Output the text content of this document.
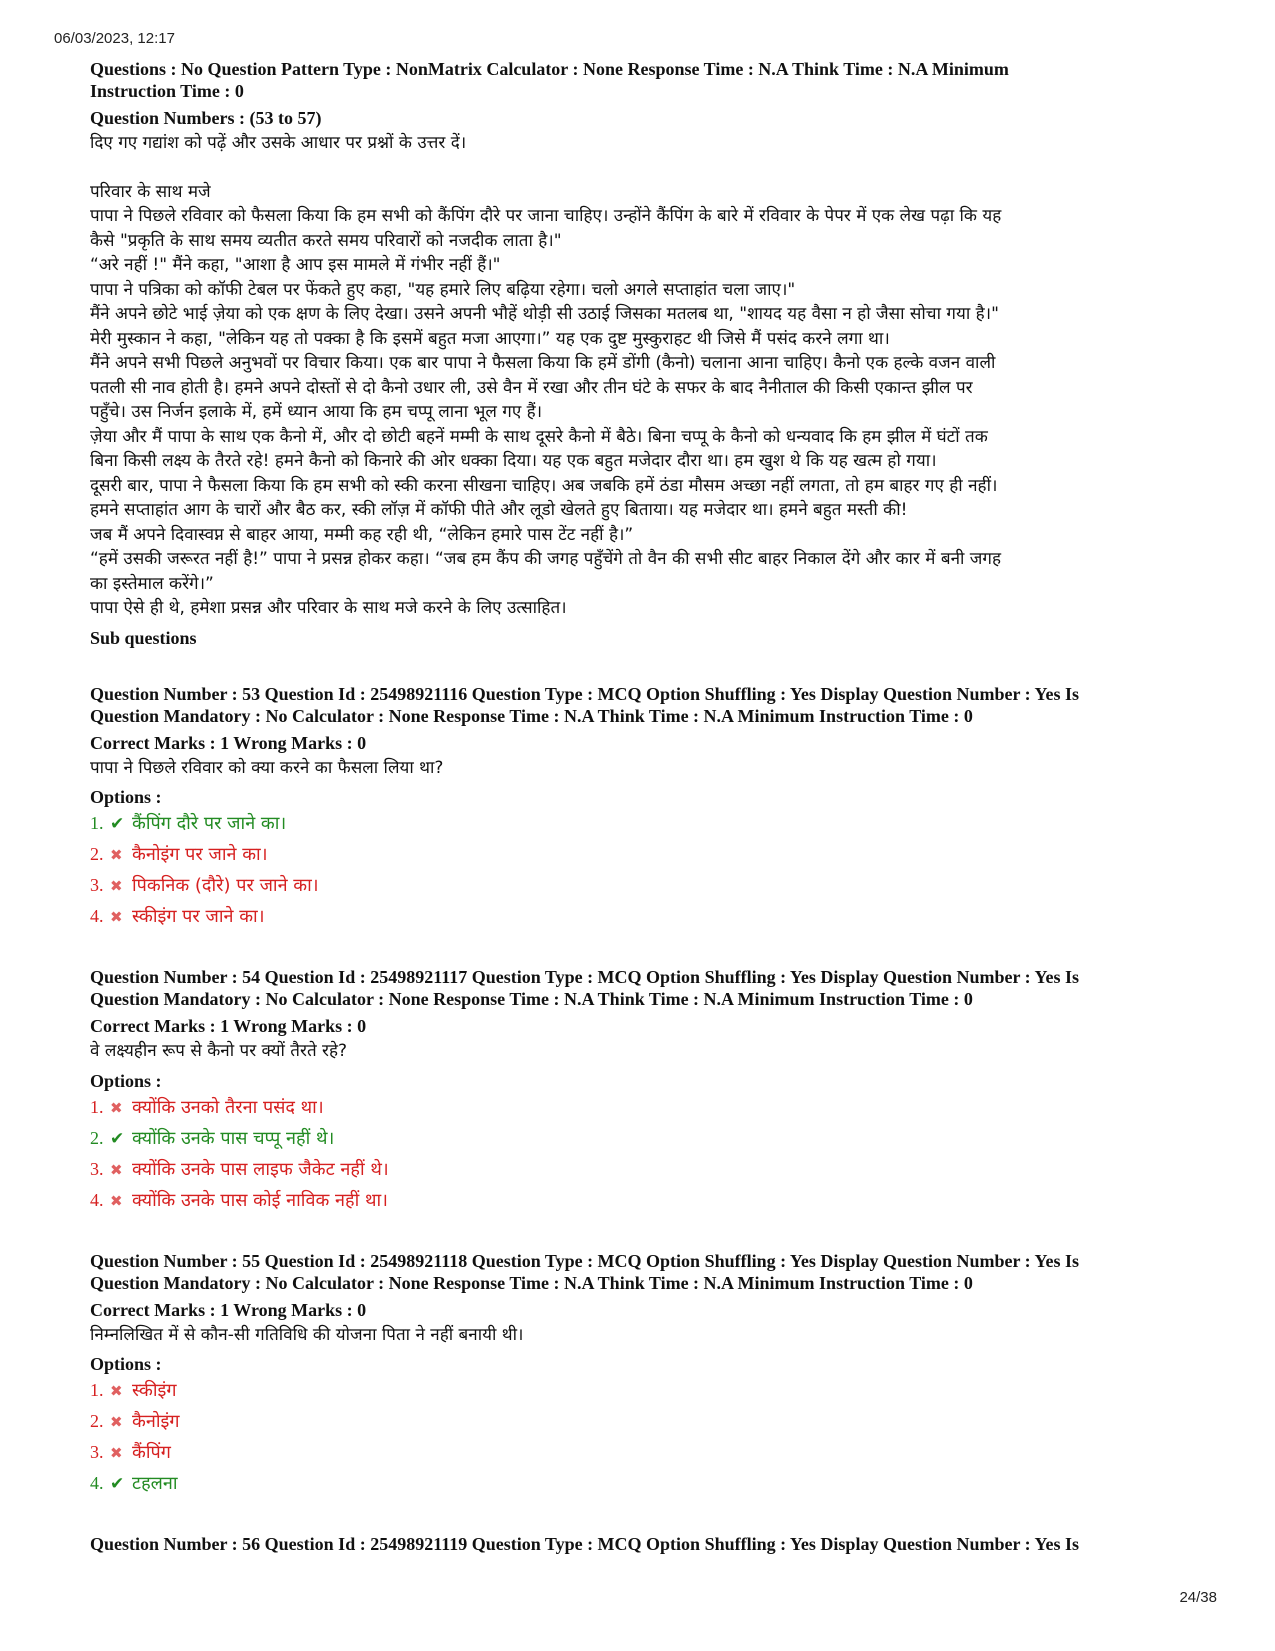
06/03/2023, 12:17

Questions : No Question Pattern Type : NonMatrix Calculator : None Response Time : N.A Think Time : N.A Minimum

Instruction Time : 0

Question Numbers : (53 to 57)

दिए गए गद्यांश को पढ़ें और उसके आधार पर प्रश्नों के उत्तर दें।

परिवार के साथ मजे
पापा ने पिछले रविवार को फैसला किया कि हम सभी को कैंपिंग दौरे पर जाना चाहिए। उन्होंने कैंपिंग के बारे में रविवार के पेपर में एक लेख पढ़ा कि यह
कैसे "प्रकृति के साथ समय व्यतीत करते समय परिवारों को नजदीक लाता है।"
“अरे नहीं !" मैंने कहा, "आशा है आप इस मामले में गंभीर नहीं हैं।"
पापा ने पत्रिका को कॉफी टेबल पर फेंकते हुए कहा, "यह हमारे लिए बढ़िया रहेगा। चलो अगले सप्ताहांत चला जाए।"
मैंने अपने छोटे भाई ज़ेया को एक क्षण के लिए देखा। उसने अपनी भौहें थोड़ी सी उठाई जिसका मतलब था, "शायद यह वैसा न हो जैसा सोचा गया है।"
मेरी मुस्कान ने कहा, "लेकिन यह तो पक्का है कि इसमें बहुत मजा आएगा।” यह एक दुष्ट मुस्कुराहट थी जिसे मैं पसंद करने लगा था।
मैंने अपने सभी पिछले अनुभवों पर विचार किया। एक बार पापा ने फैसला किया कि हमें डोंगी (कैनो) चलाना आना चाहिए। कैनो एक हल्के वजन वाली
पतली सी नाव होती है। हमने अपने दोस्तों से दो कैनो उधार ली, उसे वैन में रखा और तीन घंटे के सफर के बाद नैनीताल की किसी एकान्त झील पर
पहुँचे। उस निर्जन इलाके में, हमें ध्यान आया कि हम चप्पू लाना भूल गए हैं।
ज़ेया और मैं पापा के साथ एक कैनो में, और दो छोटी बहनें मम्मी के साथ दूसरे कैनो में बैठे। बिना चप्पू के कैनो को धन्यवाद कि हम झील में घंटों तक
बिना किसी लक्ष्य के तैरते रहे! हमने कैनो को किनारे की ओर धक्का दिया। यह एक बहुत मजेदार दौरा था। हम खुश थे कि यह खत्म हो गया।
दूसरी बार, पापा ने फैसला किया कि हम सभी को स्की करना सीखना चाहिए। अब जबकि हमें ठंडा मौसम अच्छा नहीं लगता, तो हम बाहर गए ही नहीं।
हमने सप्ताहांत आग के चारों और बैठ कर, स्की लॉज़ में कॉफी पीते और लूडो खेलते हुए बिताया। यह मजेदार था। हमने बहुत मस्ती की!
जब मैं अपने दिवास्वप्न से बाहर आया, मम्मी कह रही थी, “लेकिन हमारे पास टेंट नहीं है।”
“हमें उसकी जरूरत नहीं है!” पापा ने प्रसन्न होकर कहा। “जब हम कैंप की जगह पहुँचेंगे तो वैन की सभी सीट बाहर निकाल देंगे और कार में बनी जगह
का इस्तेमाल करेंगे।”
पापा ऐसे ही थे, हमेशा प्रसन्न और परिवार के साथ मजे करने के लिए उत्साहित।

Sub questions

Question Number : 53 Question Id : 25498921116 Question Type : MCQ Option Shuffling : Yes Display Question Number : Yes Is

Question Mandatory : No Calculator : None Response Time : N.A Think Time : N.A Minimum Instruction Time : 0

Correct Marks : 1 Wrong Marks : 0

पापा ने पिछले रविवार को क्या करने का फैसला लिया था?

Options :

1. ✔ कैंपिंग दौरे पर जाने का।
2. ✖ कैनोइंग पर जाने का।
3. ✖ पिकनिक (दौरे) पर जाने का।
4. ✖ स्कीइंग पर जाने का।

Question Number : 54 Question Id : 25498921117 Question Type : MCQ Option Shuffling : Yes Display Question Number : Yes Is

Question Mandatory : No Calculator : None Response Time : N.A Think Time : N.A Minimum Instruction Time : 0

Correct Marks : 1 Wrong Marks : 0

वे लक्ष्यहीन रूप से कैनो पर क्यों तैरते रहे?

Options :

1. ✖ क्योंकि उनको तैरना पसंद था।
2. ✔ क्योंकि उनके पास चप्पू नहीं थे।
3. ✖ क्योंकि उनके पास लाइफ जैकेट नहीं थे।
4. ✖ क्योंकि उनके पास कोई नाविक नहीं था।

Question Number : 55 Question Id : 25498921118 Question Type : MCQ Option Shuffling : Yes Display Question Number : Yes Is

Question Mandatory : No Calculator : None Response Time : N.A Think Time : N.A Minimum Instruction Time : 0

Correct Marks : 1 Wrong Marks : 0

निम्नलिखित में से कौन-सी गतिविधि की योजना पिता ने नहीं बनायी थी।

Options :

1. ✖ स्कीइंग
2. ✖ कैनोइंग
3. ✖ कैंपिंग
4. ✔ टहलना

Question Number : 56 Question Id : 25498921119 Question Type : MCQ Option Shuffling : Yes Display Question Number : Yes Is

24/38
